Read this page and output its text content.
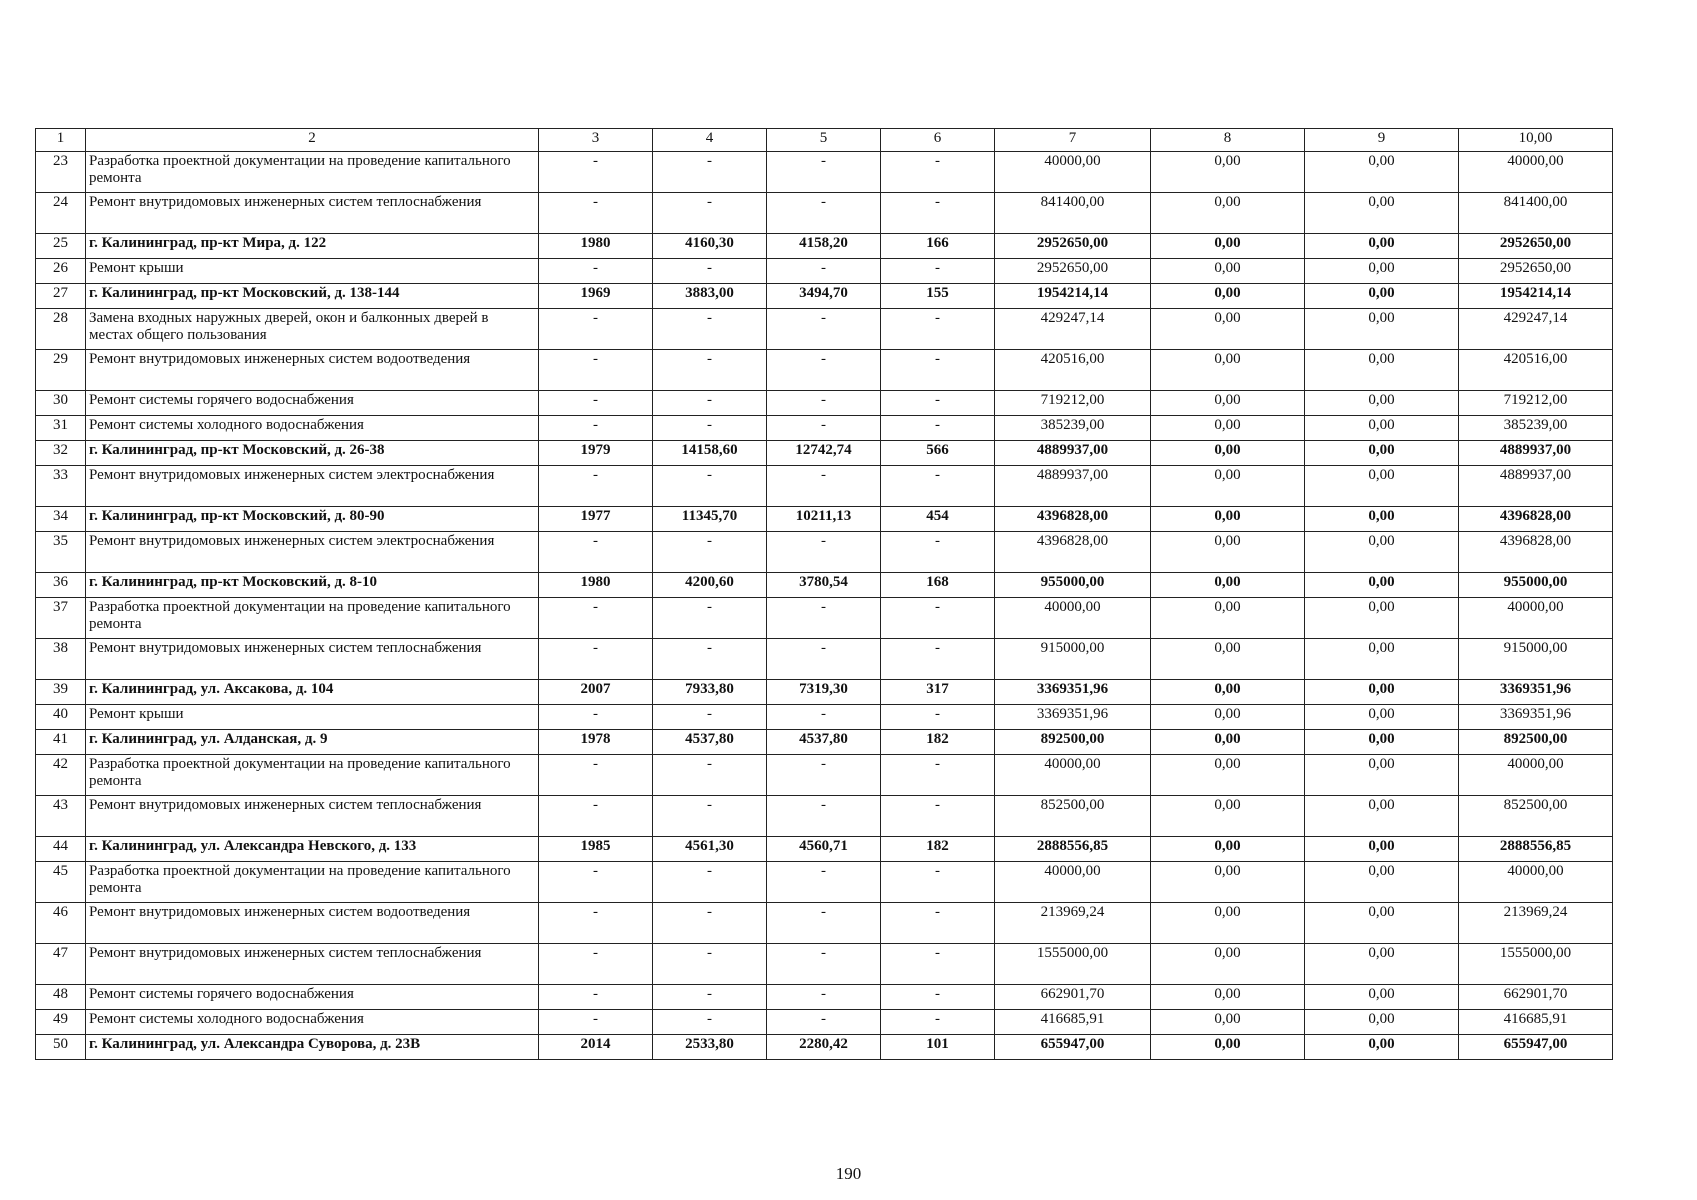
1	2	3	4	5	6	7	8	9	10,00
23	Разработка проектной документации на проведение капитального ремонта	-	-	-	-	40000,00	0,00	0,00	40000,00
24	Ремонт внутридомовых инженерных систем теплоснабжения	-	-	-	-	841400,00	0,00	0,00	841400,00
25	г. Калининград, пр-кт Мира, д. 122	1980	4160,30	4158,20	166	2952650,00	0,00	0,00	2952650,00
26	Ремонт крыши	-	-	-	-	2952650,00	0,00	0,00	2952650,00
27	г. Калининград, пр-кт Московский, д. 138-144	1969	3883,00	3494,70	155	1954214,14	0,00	0,00	1954214,14
28	Замена входных наружных дверей, окон и балконных дверей в местах общего пользования	-	-	-	-	429247,14	0,00	0,00	429247,14
29	Ремонт внутридомовых инженерных систем водоотведения	-	-	-	-	420516,00	0,00	0,00	420516,00
30	Ремонт системы горячего водоснабжения	-	-	-	-	719212,00	0,00	0,00	719212,00
31	Ремонт системы холодного водоснабжения	-	-	-	-	385239,00	0,00	0,00	385239,00
32	г. Калининград, пр-кт Московский, д. 26-38	1979	14158,60	12742,74	566	4889937,00	0,00	0,00	4889937,00
33	Ремонт внутридомовых инженерных систем электроснабжения	-	-	-	-	4889937,00	0,00	0,00	4889937,00
34	г. Калининград, пр-кт Московский, д. 80-90	1977	11345,70	10211,13	454	4396828,00	0,00	0,00	4396828,00
35	Ремонт внутридомовых инженерных систем электроснабжения	-	-	-	-	4396828,00	0,00	0,00	4396828,00
36	г. Калининград, пр-кт Московский, д. 8-10	1980	4200,60	3780,54	168	955000,00	0,00	0,00	955000,00
37	Разработка проектной документации на проведение капитального ремонта	-	-	-	-	40000,00	0,00	0,00	40000,00
38	Ремонт внутридомовых инженерных систем теплоснабжения	-	-	-	-	915000,00	0,00	0,00	915000,00
39	г. Калининград, ул. Аксакова, д. 104	2007	7933,80	7319,30	317	3369351,96	0,00	0,00	3369351,96
40	Ремонт крыши	-	-	-	-	3369351,96	0,00	0,00	3369351,96
41	г. Калининград, ул. Алданская, д. 9	1978	4537,80	4537,80	182	892500,00	0,00	0,00	892500,00
42	Разработка проектной документации на проведение капитального ремонта	-	-	-	-	40000,00	0,00	0,00	40000,00
43	Ремонт внутридомовых инженерных систем теплоснабжения	-	-	-	-	852500,00	0,00	0,00	852500,00
44	г. Калининград, ул. Александра Невского, д. 133	1985	4561,30	4560,71	182	2888556,85	0,00	0,00	2888556,85
45	Разработка проектной документации на проведение капитального ремонта	-	-	-	-	40000,00	0,00	0,00	40000,00
46	Ремонт внутридомовых инженерных систем водоотведения	-	-	-	-	213969,24	0,00	0,00	213969,24
47	Ремонт внутридомовых инженерных систем теплоснабжения	-	-	-	-	1555000,00	0,00	0,00	1555000,00
48	Ремонт системы горячего водоснабжения	-	-	-	-	662901,70	0,00	0,00	662901,70
49	Ремонт системы холодного водоснабжения	-	-	-	-	416685,91	0,00	0,00	416685,91
50	г. Калининград, ул. Александра Суворова, д. 23В	2014	2533,80	2280,42	101	655947,00	0,00	0,00	655947,00
190
